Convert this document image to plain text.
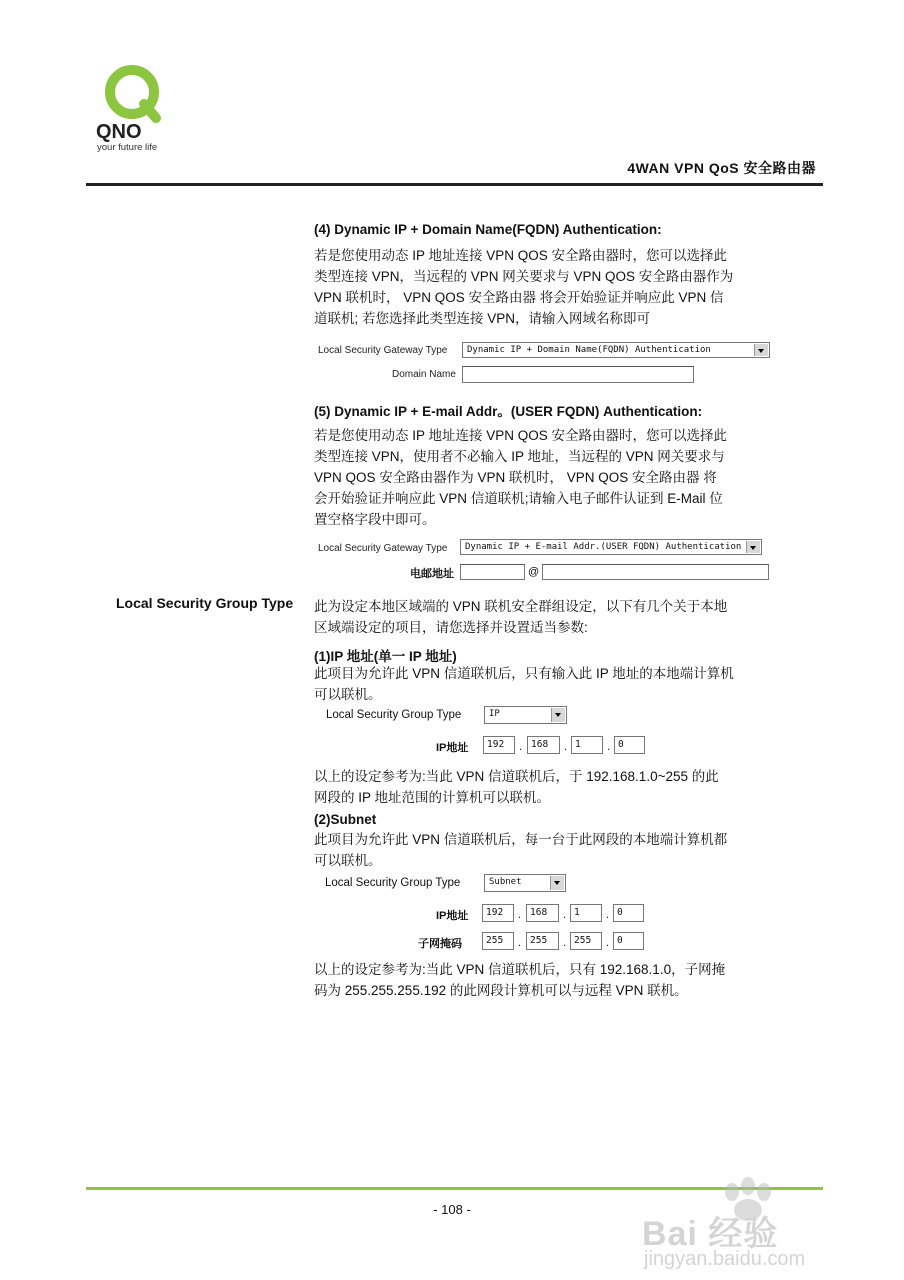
QNO
your future life
4WAN VPN QoS 安全路由器
(4) Dynamic IP + Domain Name(FQDN) Authentication:
若是您使用动态 IP 地址连接 VPN QOS 安全路由器时，您可以选择此
类型连接 VPN，当远程的 VPN 网关要求与 VPN QOS 安全路由器作为
VPN 联机时， VPN QOS 安全路由器 将会开始验证并响应此 VPN 信
道联机; 若您选择此类型连接 VPN，请输入网域名称即可
Local Security Gateway Type	Dynamic IP + Domain Name(FQDN) Authentication
Domain Name
(5) Dynamic IP + E-mail Addr。(USER FQDN) Authentication:
若是您使用动态 IP 地址连接 VPN QOS 安全路由器时，您可以选择此
类型连接 VPN，使用者不必输入 IP 地址，当远程的 VPN 网关要求与
VPN QOS 安全路由器作为 VPN 联机时， VPN QOS 安全路由器 将
会开始验证并响应此 VPN 信道联机;请输入电子邮件认证到 E-Mail 位
置空格字段中即可。
Local Security Gateway Type	Dynamic IP + E-mail Addr.(USER FQDN) Authentication
电邮地址	@
Local Security Group Type 此为设定本地区域端的 VPN 联机安全群组设定，以下有几个关于本地
区域端设定的项目，请您选择并设置适当参数:
(1)IP 地址(单一 IP 地址)
此项目为允许此 VPN 信道联机后，只有输入此 IP 地址的本地端计算机
可以联机。
Local Security Group Type	IP
IP地址	192	. 168	. 1	. 0
以上的设定参考为:当此 VPN 信道联机后，于 192.168.1.0~255 的此
网段的 IP 地址范围的计算机可以联机。
(2)Subnet
此项目为允许此 VPN 信道联机后，每一台于此网段的本地端计算机都
可以联机。
Local Security Group Type	Subnet
IP地址	192	. 168	. 1	. 0
子网掩码	255	. 255	. 255	. 0
以上的设定参考为:当此 VPN 信道联机后，只有 192.168.1.0，子网掩
码为 255.255.255.192 的此网段计算机可以与远程 VPN 联机。
- 108 -
Bai 经验
jingyan.baidu.com
